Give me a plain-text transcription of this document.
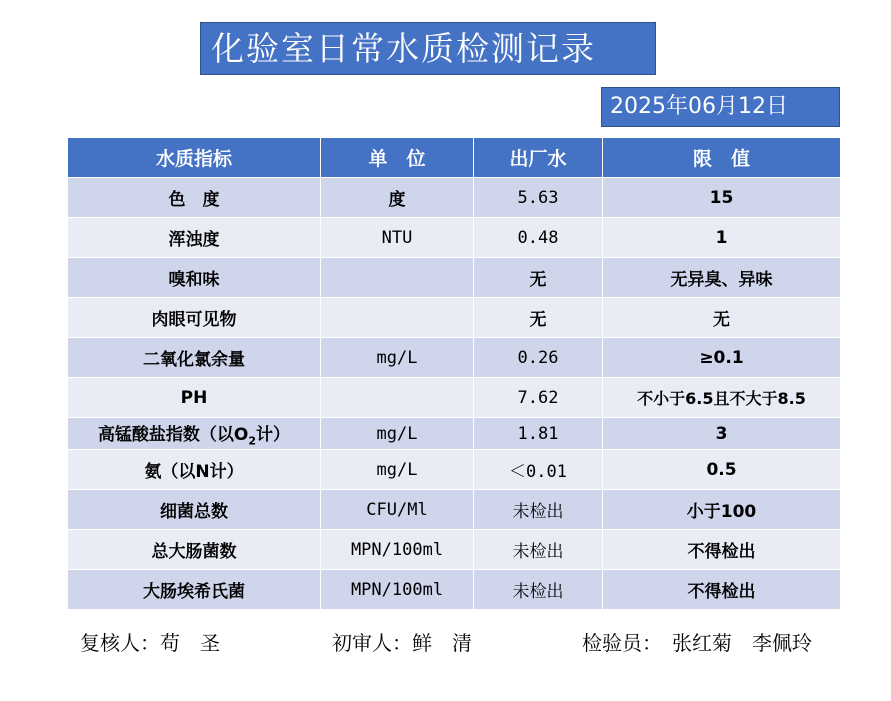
化验室日常水质检测记录
2025年06月12日
水质指标	单　位	出厂水	限　值
色　度	度	5.63	15
浑浊度	NTU	0.48	1
嗅和味		无	无异臭、异味
肉眼可见物		无	无
二氧化氯余量	mg/L	0.26	≥0.1
PH		7.62	不小于6.5且不大于8.5
高锰酸盐指数（以$O_2$计）	mg/L	1.81	3
氨（以N计）	mg/L	＜0.01	0.5
细菌总数	CFU/Ml	未检出	小于100
总大肠菌数	MPN/100ml	未检出	不得检出
大肠埃希氏菌	MPN/100ml	未检出	不得检出
复核人：苟　圣	初审人：鲜　清	检验员：　张红菊　李佩玲
